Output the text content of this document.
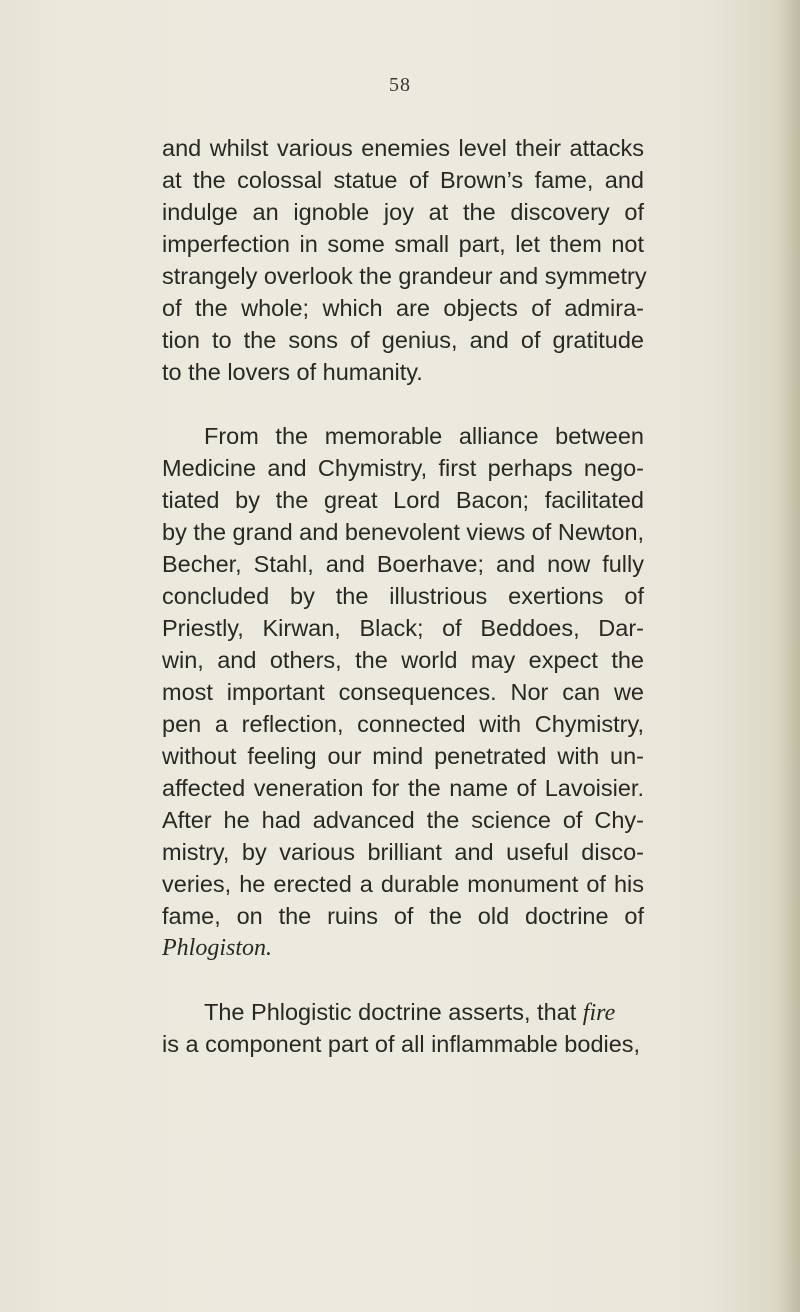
58
and whilst various enemies level their attacks
at the colossal statue of Brown’s fame, and
indulge an ignoble joy at the discovery of
imperfection in some small part, let them not
strangely overlook the grandeur and symmetry
of the whole; which are objects of admira-
tion to the sons of genius, and of gratitude
to the lovers of humanity.
From the memorable alliance between
Medicine and Chymistry, first perhaps nego-
tiated by the great Lord Bacon; facilitated
by the grand and benevolent views of Newton,
Becher, Stahl, and Boerhave; and now fully
concluded by the illustrious exertions of
Priestly, Kirwan, Black; of Beddoes, Dar-
win, and others, the world may expect the
most important consequences. Nor can we
pen a reflection, connected with Chymistry,
without feeling our mind penetrated with un-
affected veneration for the name of Lavoisier.
After he had advanced the science of Chy-
mistry, by various brilliant and useful disco-
veries, he erected a durable monument of his
fame, on the ruins of the old doctrine of
Phlogiston.
The Phlogistic doctrine asserts, that fire
is a component part of all inflammable bodies,
